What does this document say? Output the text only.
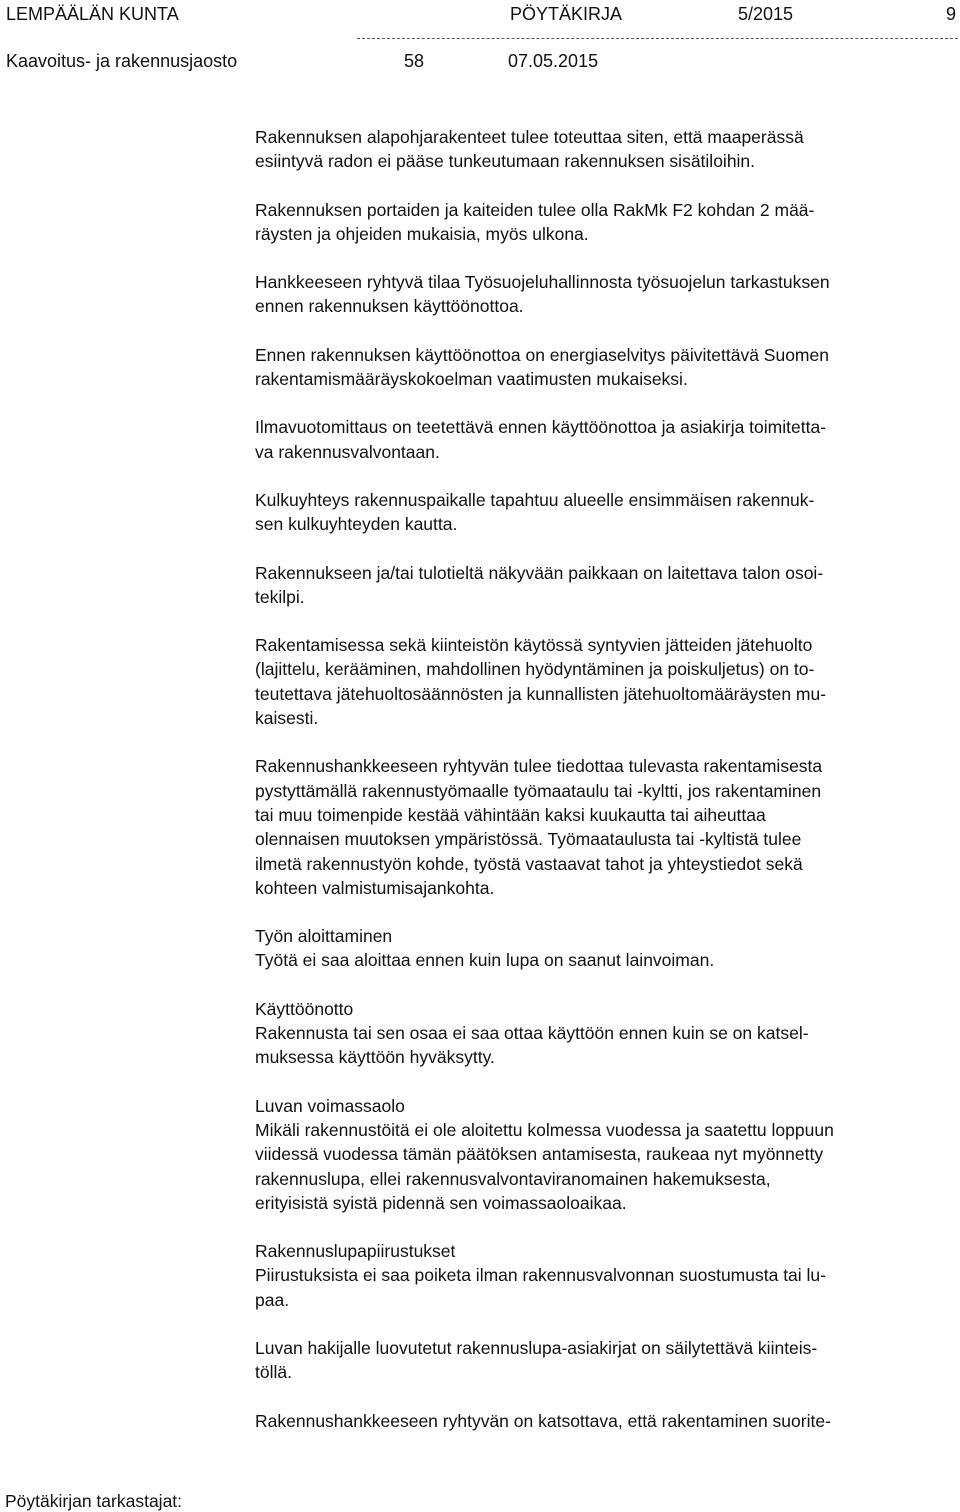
LEMPÄÄLÄN KUNTA	PÖYTÄKIRJA	5/2015	9
Kaavoitus- ja rakennusjaosto	58	07.05.2015
Rakennuksen alapohjarakenteet tulee toteuttaa siten, että maaperässä
esiintyvä radon ei pääse tunkeutumaan rakennuksen sisätiloihin.
Rakennuksen portaiden ja kaiteiden tulee olla RakMk F2 kohdan 2 mää-
räysten ja ohjeiden mukaisia, myös ulkona.
Hankkeeseen ryhtyvä tilaa Työsuojeluhallinnosta työsuojelun tarkastuksen
ennen rakennuksen käyttöönottoa.
Ennen rakennuksen käyttöönottoa on energiaselvitys päivitettävä Suomen
rakentamismääräyskokoelman vaatimusten mukaiseksi.
Ilmavuotomittaus on teetettävä ennen käyttöönottoa ja asiakirja toimitetta-
va rakennusvalvontaan.
Kulkuyhteys rakennuspaikalle tapahtuu alueelle ensimmäisen rakennuk-
sen kulkuyhteyden kautta.
Rakennukseen ja/tai tulotieltä näkyvään paikkaan on laitettava talon osoi-
tekilpi.
Rakentamisessa sekä kiinteistön käytössä syntyvien jätteiden jätehuolto
(lajittelu, kerääminen, mahdollinen hyödyntäminen ja poiskuljetus) on to-
teutettava jätehuoltosäännösten ja kunnallisten jätehuoltomääräysten mu-
kaisesti.
Rakennushankkeeseen ryhtyvän tulee tiedottaa tulevasta rakentamisesta
pystyttämällä rakennustyömaalle työmaataulu tai -kyltti, jos rakentaminen
tai muu toimenpide kestää vähintään kaksi kuukautta tai aiheuttaa
olennaisen muutoksen ympäristössä. Työmaataulusta tai -kyltistä tulee
ilmetä rakennustyön kohde, työstä vastaavat tahot ja yhteystiedot sekä
kohteen valmistumisajankohta.
Työn aloittaminen
Työtä ei saa aloittaa ennen kuin lupa on saanut lainvoiman.
Käyttöönotto
Rakennusta tai sen osaa ei saa ottaa käyttöön ennen kuin se on katsel-
muksessa käyttöön hyväksytty.
Luvan voimassaolo
Mikäli rakennustöitä ei ole aloitettu kolmessa vuodessa ja saatettu loppuun
viidessä vuodessa tämän päätöksen antamisesta, raukeaa nyt myönnetty
rakennuslupa, ellei rakennusvalvontaviranomainen hakemuksesta,
erityisistä syistä pidennä sen voimassaoloaikaa.
Rakennuslupapiirustukset
Piirustuksista ei saa poiketa ilman rakennusvalvonnan suostumusta tai lu-
paa.
Luvan hakijalle luovutetut rakennuslupa-asiakirjat on säilytettävä kiinteis-
töllä.
Rakennushankkeeseen ryhtyvän on katsottava, että rakentaminen suorite-
Pöytäkirjan tarkastajat:
